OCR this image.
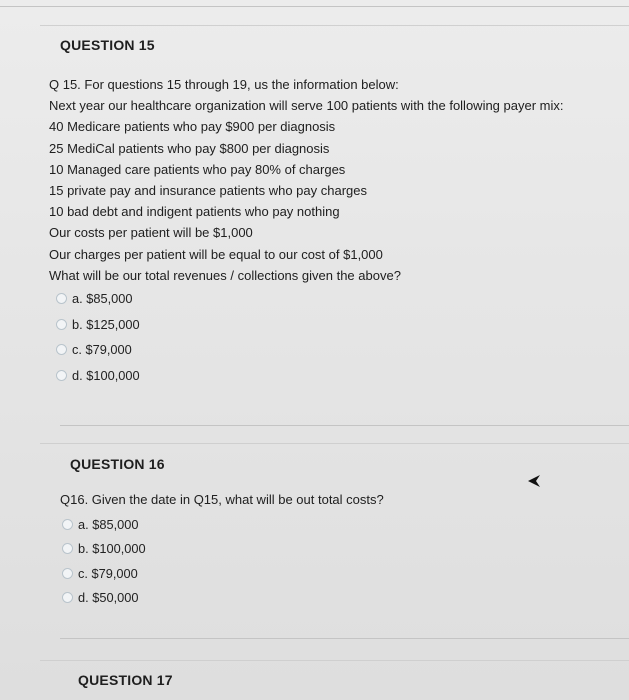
QUESTION 15
Q 15. For questions 15 through 19, us the information below:
Next year our healthcare organization will serve 100 patients with the following payer mix:
40 Medicare patients who pay $900 per diagnosis
25 MediCal patients who pay $800 per diagnosis
10 Managed care patients who pay 80% of charges
15 private pay and insurance patients who pay charges
10 bad debt and indigent patients who pay nothing
Our costs per patient will be $1,000
Our charges per patient will be equal to our cost of $1,000
What will be our total revenues / collections given the above?
a. $85,000
b. $125,000
c. $79,000
d. $100,000
QUESTION 16
Q16. Given the date in Q15, what will be out total costs?
a. $85,000
b. $100,000
c. $79,000
d. $50,000
QUESTION 17
